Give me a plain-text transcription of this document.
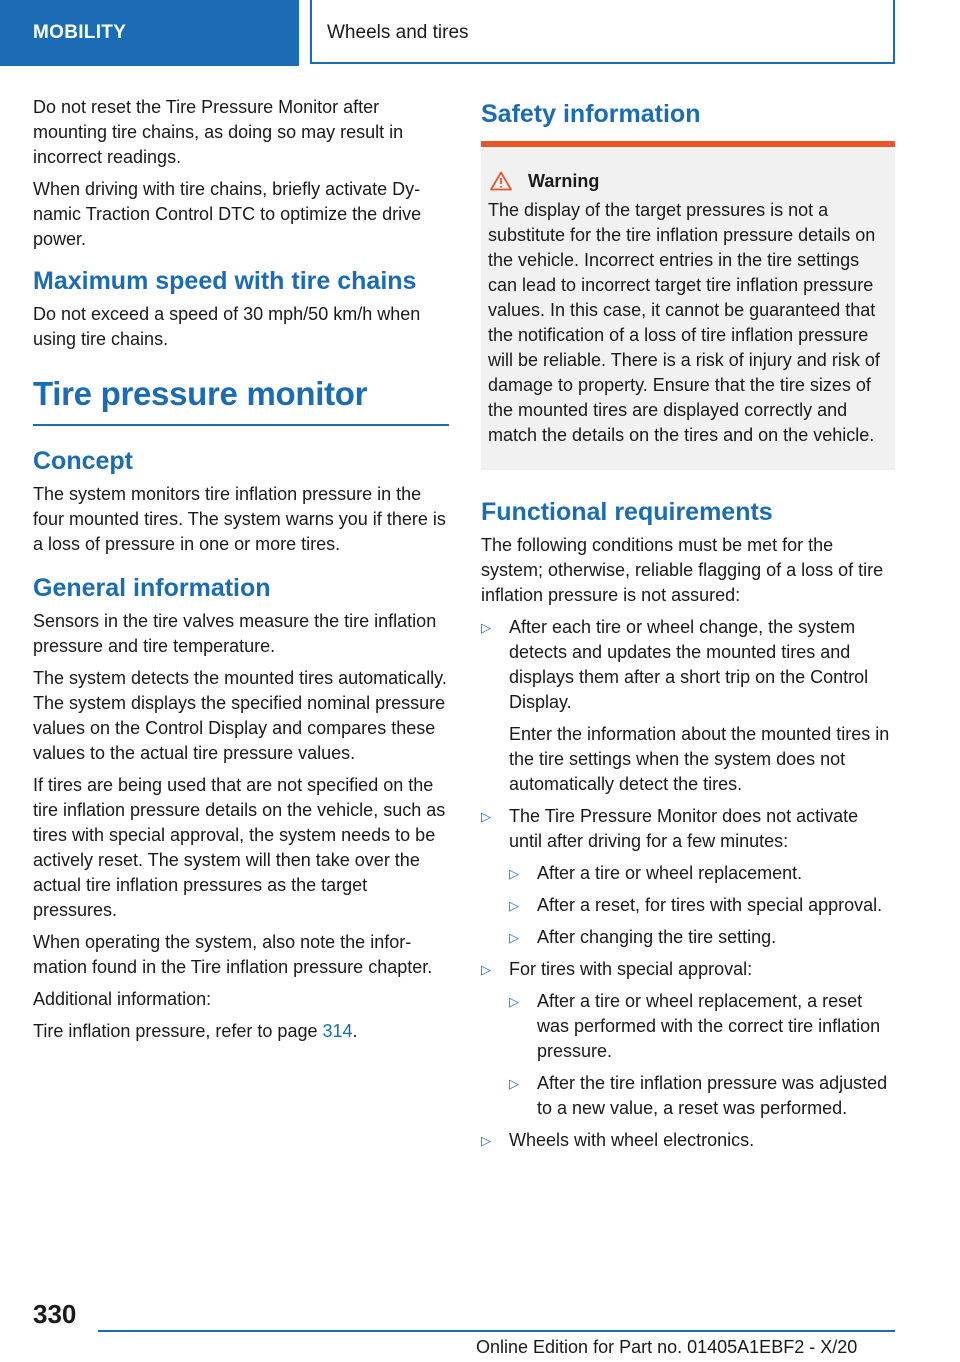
MOBILITY	Wheels and tires

Do not reset the Tire Pressure Monitor after mounting tire chains, as doing so may result in incorrect readings.

When driving with tire chains, briefly activate Dynamic Traction Control DTC to optimize the drive power.

Maximum speed with tire chains

Do not exceed a speed of 30 mph/50 km/h when using tire chains.

Tire pressure monitor
Concept

The system monitors tire inflation pressure in the four mounted tires. The system warns you if there is a loss of pressure in one or more tires.

General information

Sensors in the tire valves measure the tire inflation pressure and tire temperature.

The system detects the mounted tires automatically. The system displays the specified nominal pressure values on the Control Display and compares these values to the actual tire pressure values.

If tires are being used that are not specified on the tire inflation pressure details on the vehicle, such as tires with special approval, the system needs to be actively reset. The system will then take over the actual tire inflation pressures as the target pressures.

When operating the system, also note the information found in the Tire inflation pressure chapter.

Additional information:

Tire inflation pressure, refer to page 314.

Safety information
Warning
The display of the target pressures is not a substitute for the tire inflation pressure details on the vehicle. Incorrect entries in the tire settings can lead to incorrect target tire inflation pressure values. In this case, it cannot be guaranteed that the notification of a loss of tire inflation pressure will be reliable. There is a risk of injury and risk of damage to property. Ensure that the tire sizes of the mounted tires are displayed correctly and match the details on the tires and on the vehicle.
Functional requirements

The following conditions must be met for the system; otherwise, reliable flagging of a loss of tire inflation pressure is not assured:

▷ After each tire or wheel change, the system detects and updates the mounted tires and displays them after a short trip on the Control Display.

Enter the information about the mounted tires in the tire settings when the system does not automatically detect the tires.

▷ The Tire Pressure Monitor does not activate until after driving for a few minutes:
▷ After a tire or wheel replacement.
▷ After a reset, for tires with special approval.
▷ After changing the tire setting.
▷ For tires with special approval:
▷ After a tire or wheel replacement, a reset was performed with the correct tire inflation pressure.
▷ After the tire inflation pressure was adjusted to a new value, a reset was performed.
▷ Wheels with wheel electronics.
330
Online Edition for Part no. 01405A1EBF2 - X/20
